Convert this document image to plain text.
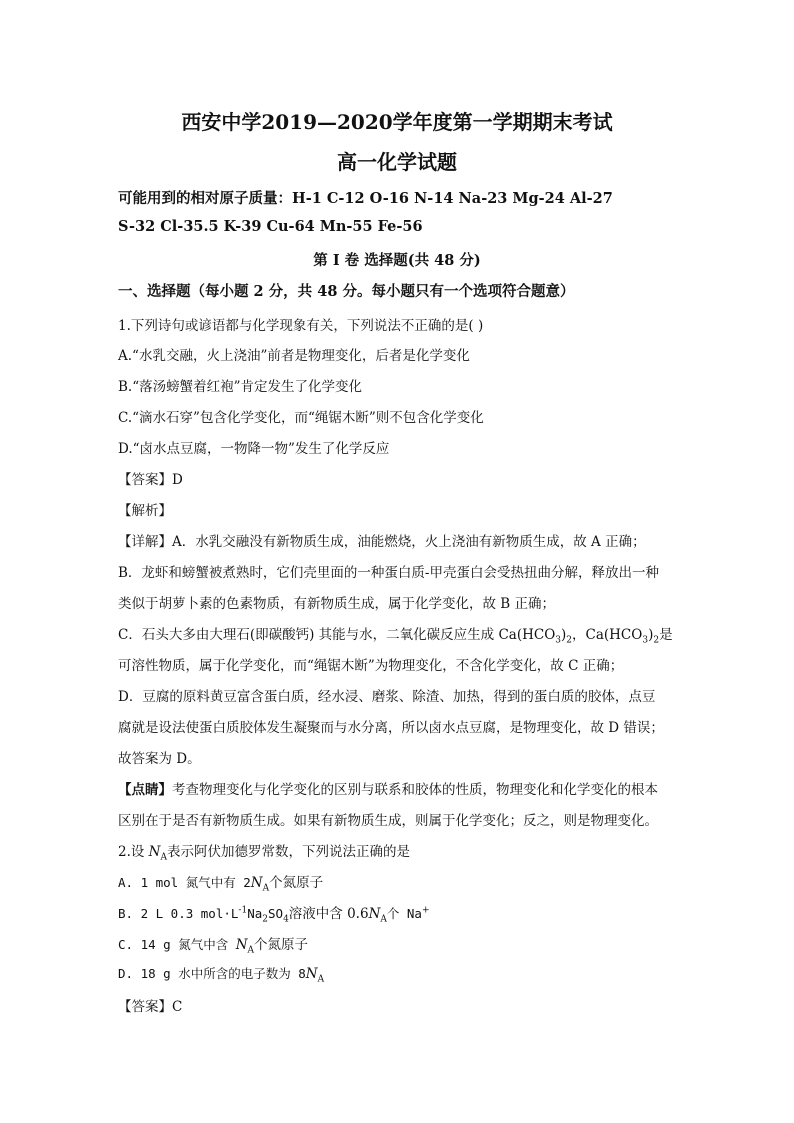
西安中学2019—2020学年度第一学期期末考试
高一化学试题
可能用到的相对原子质量：H-1 C-12 O-16 N-14 Na-23 Mg-24 Al-27
S-32 Cl-35.5 K-39 Cu-64 Mn-55 Fe-56
第 I 卷 选择题(共 48 分)
一、选择题（每小题 2 分，共 48 分。每小题只有一个选项符合题意）
1.下列诗句或谚语都与化学现象有关，下列说法不正确的是( )
A.“水乳交融，火上浇油”前者是物理变化，后者是化学变化
B.“落汤螃蟹着红袍”肯定发生了化学变化
C.“滴水石穿”包含化学变化，而“绳锯木断”则不包含化学变化
D.“卤水点豆腐，一物降一物”发生了化学反应
【答案】D
【解析】
【详解】A．水乳交融没有新物质生成，油能燃烧，火上浇油有新物质生成，故 A 正确；
B．龙虾和螃蟹被煮熟时，它们壳里面的一种蛋白质-甲壳蛋白会受热扭曲分解，释放出一种
类似于胡萝卜素的色素物质，有新物质生成，属于化学变化，故 B 正确；
C．石头大多由大理石(即碳酸钙) 其能与水，二氧化碳反应生成 $Ca(HCO_3)_2$，$Ca(HCO_3)_2$是
可溶性物质，属于化学变化，而“绳锯木断”为物理变化，不含化学变化，故 C 正确；
D．豆腐的原料黄豆富含蛋白质，经水浸、磨浆、除渣、加热，得到的蛋白质的胶体，点豆
腐就是设法使蛋白质胶体发生凝聚而与水分离，所以卤水点豆腐，是物理变化，故 D 错误；
故答案为 D。
【点睛】考查物理变化与化学变化的区别与联系和胶体的性质，物理变化和化学变化的根本
区别在于是否有新物质生成。如果有新物质生成，则属于化学变化；反之，则是物理变化。
2.设 $N_A$表示阿伏加德罗常数，下列说法正确的是
A. 1 mol 氮气中有 $2N_A$个氮原子
B. 2 L 0.3 $mol\cdot L^{-1}Na_2SO_4$溶液中含 $0.6N_A$个 Na+
C. 14 g 氮气中含 $N_A$个氮原子
D. 18 g 水中所含的电子数为 $8N_A$
【答案】C
